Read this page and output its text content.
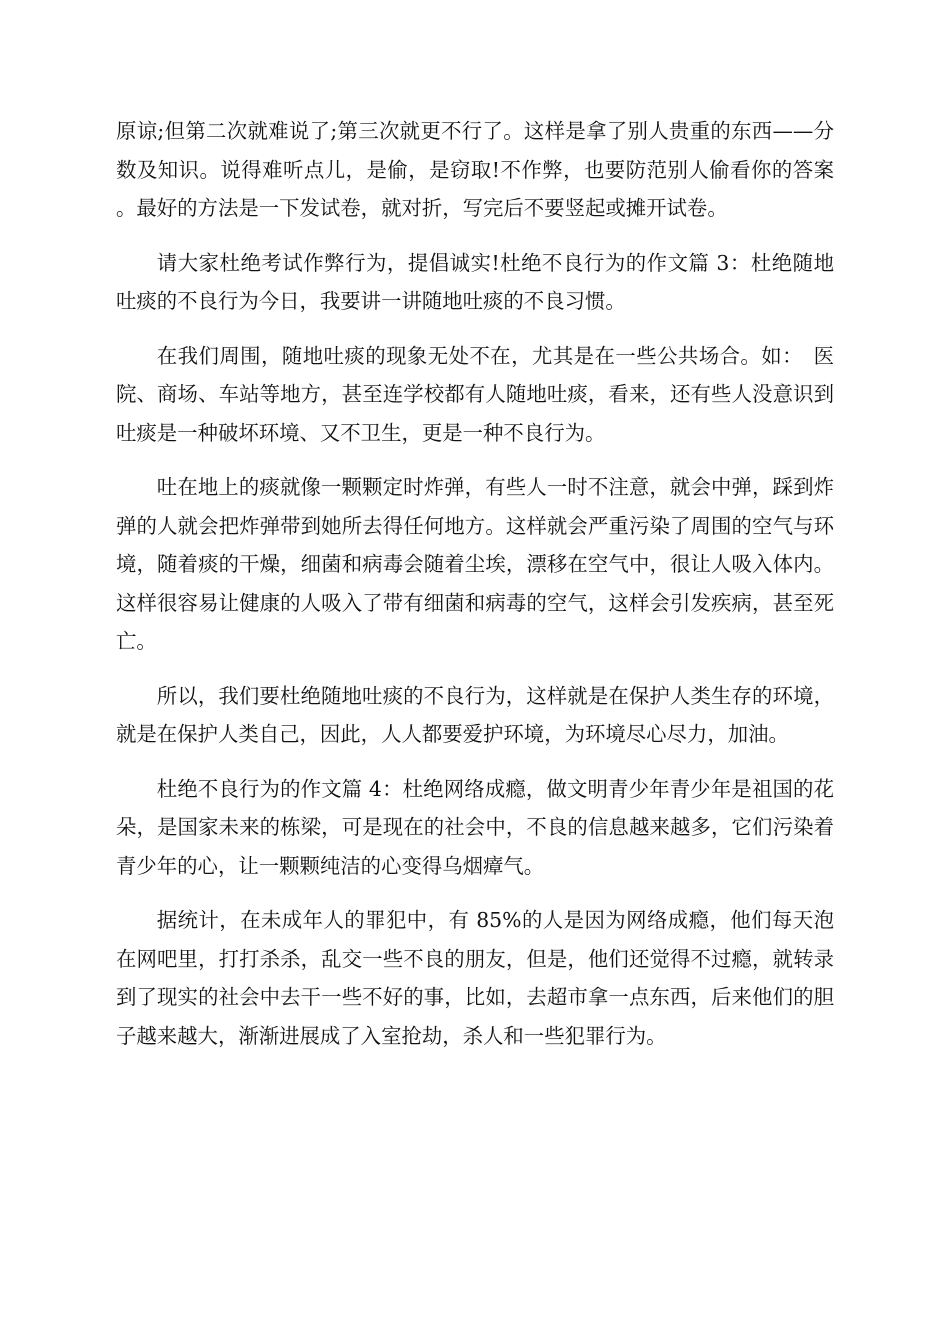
原谅;但第二次就难说了;第三次就更不行了。这样是拿了别人贵重的东西——分数及知识。说得难听点儿，是偷，是窃取!不作弊，也要防范别人偷看你的答案。最好的方法是一下发试卷，就对折，写完后不要竖起或摊开试卷。

请大家杜绝考试作弊行为，提倡诚实!杜绝不良行为的作文篇 3：杜绝随地吐痰的不良行为今日，我要讲一讲随地吐痰的不良习惯。

在我们周围，随地吐痰的现象无处不在，尤其是在一些公共场合。如：　医院、商场、车站等地方，甚至连学校都有人随地吐痰，看来，还有些人没意识到吐痰是一种破坏环境、又不卫生，更是一种不良行为。

吐在地上的痰就像一颗颗定时炸弹，有些人一时不注意，就会中弹，踩到炸弹的人就会把炸弹带到她所去得任何地方。这样就会严重污染了周围的空气与环境，随着痰的干燥，细菌和病毒会随着尘埃，漂移在空气中，很让人吸入体内。这样很容易让健康的人吸入了带有细菌和病毒的空气，这样会引发疾病，甚至死亡。

所以，我们要杜绝随地吐痰的不良行为，这样就是在保护人类生存的环境，就是在保护人类自己，因此，人人都要爱护环境，为环境尽心尽力，加油。

杜绝不良行为的作文篇 4：杜绝网络成瘾，做文明青少年青少年是祖国的花朵，是国家未来的栋梁，可是现在的社会中，不良的信息越来越多，它们污染着青少年的心，让一颗颗纯洁的心变得乌烟瘴气。

据统计，在未成年人的罪犯中，有 85%的人是因为网络成瘾，他们每天泡在网吧里，打打杀杀，乱交一些不良的朋友，但是，他们还觉得不过瘾，就转录到了现实的社会中去干一些不好的事，比如，去超市拿一点东西，后来他们的胆子越来越大，渐渐进展成了入室抢劫，杀人和一些犯罪行为。
